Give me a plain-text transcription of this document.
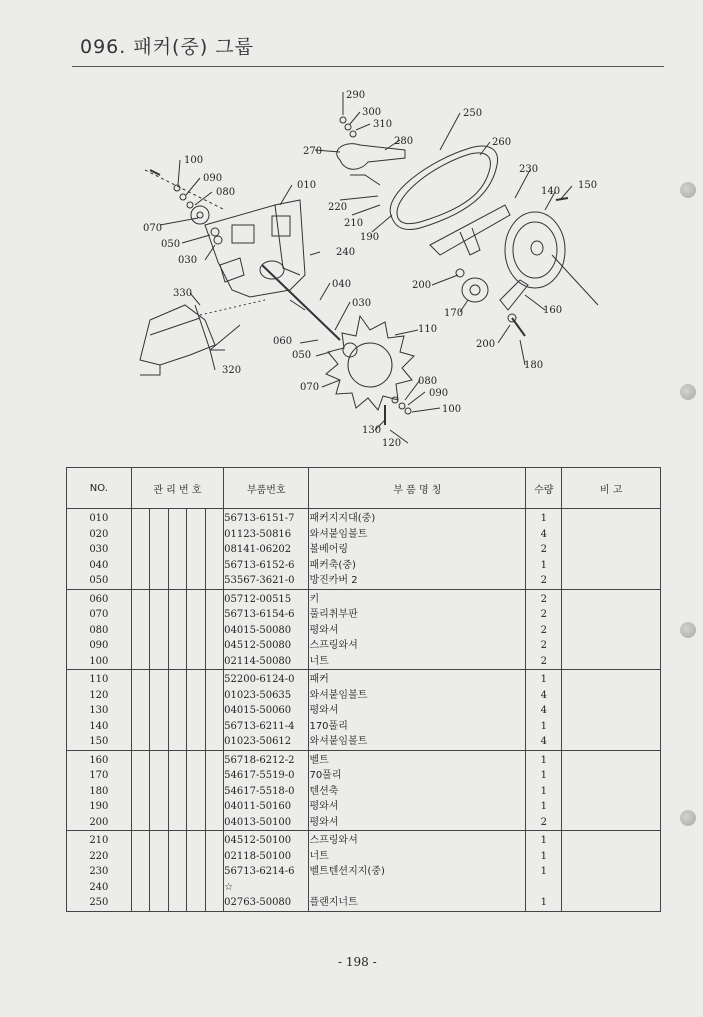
096. 패커(중) 그룹
290
300
310
250
280
270
260
230
150
140
100
090
080
010
220
210
190
070
050
030
240
200
170	160
330
040
030
110
060
050
200
180
320
070
080
090
100
130
120
NO.	관 리 번 호					부품번호	부 품 명 칭	수량	비 고
010						56713-6151-7	패커지지대(중)	1	
020						01123-50816	와셔붙임볼트	4	
030						08141-06202	볼베어링	2	
040						56713-6152-6	패커축(중)	1	
050						53567-3621-0	방진카버 2	2	
060						05712-00515	키	2	
070						56713-6154-6	풀리취부판	2	
080						04015-50080	평와셔	2	
090						04512-50080	스프링와셔	2	
100						02114-50080	너트	2	
110						52200-6124-0	패커	1	
120						01023-50635	와셔붙임볼트	4	
130						04015-50060	평와셔	4	
140						56713-6211-4	170풀리	1	
150						01023-50612	와셔붙임볼트	4	
160						56718-6212-2	벨트	1	
170						54617-5519-0	70풀리	1	
180						54617-5518-0	텐션축	1	
190						04011-50160	평와셔	1	
200						04013-50100	평와셔	2	
210						04512-50100	스프링와셔	1	
220						02118-50100	너트	1	
230						56713-6214-6	벨트텐션지지(중)	1	
240						☆			
250						02763-50080	플랜지너트	1	
- 198 -
